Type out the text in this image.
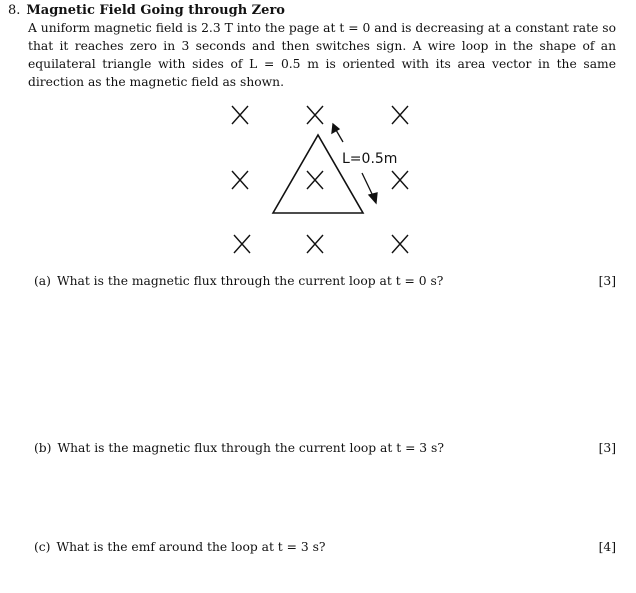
8. Magnetic Field Going through Zero
A uniform magnetic field is 2.3 T into the page at t = 0 and is decreasing at a constant rate so that it reaches zero in 3 seconds and then switches sign. A wire loop in the shape of an equilateral triangle with sides of L = 0.5 m is oriented with its area vector in the same direction as the magnetic field as shown.
L=0.5m
(a) What is the magnetic flux through the current loop at t = 0 s?	[3]
(b) What is the magnetic flux through the current loop at t = 3 s?	[3]
(c) What is the emf around the loop at t = 3 s?	[4]
